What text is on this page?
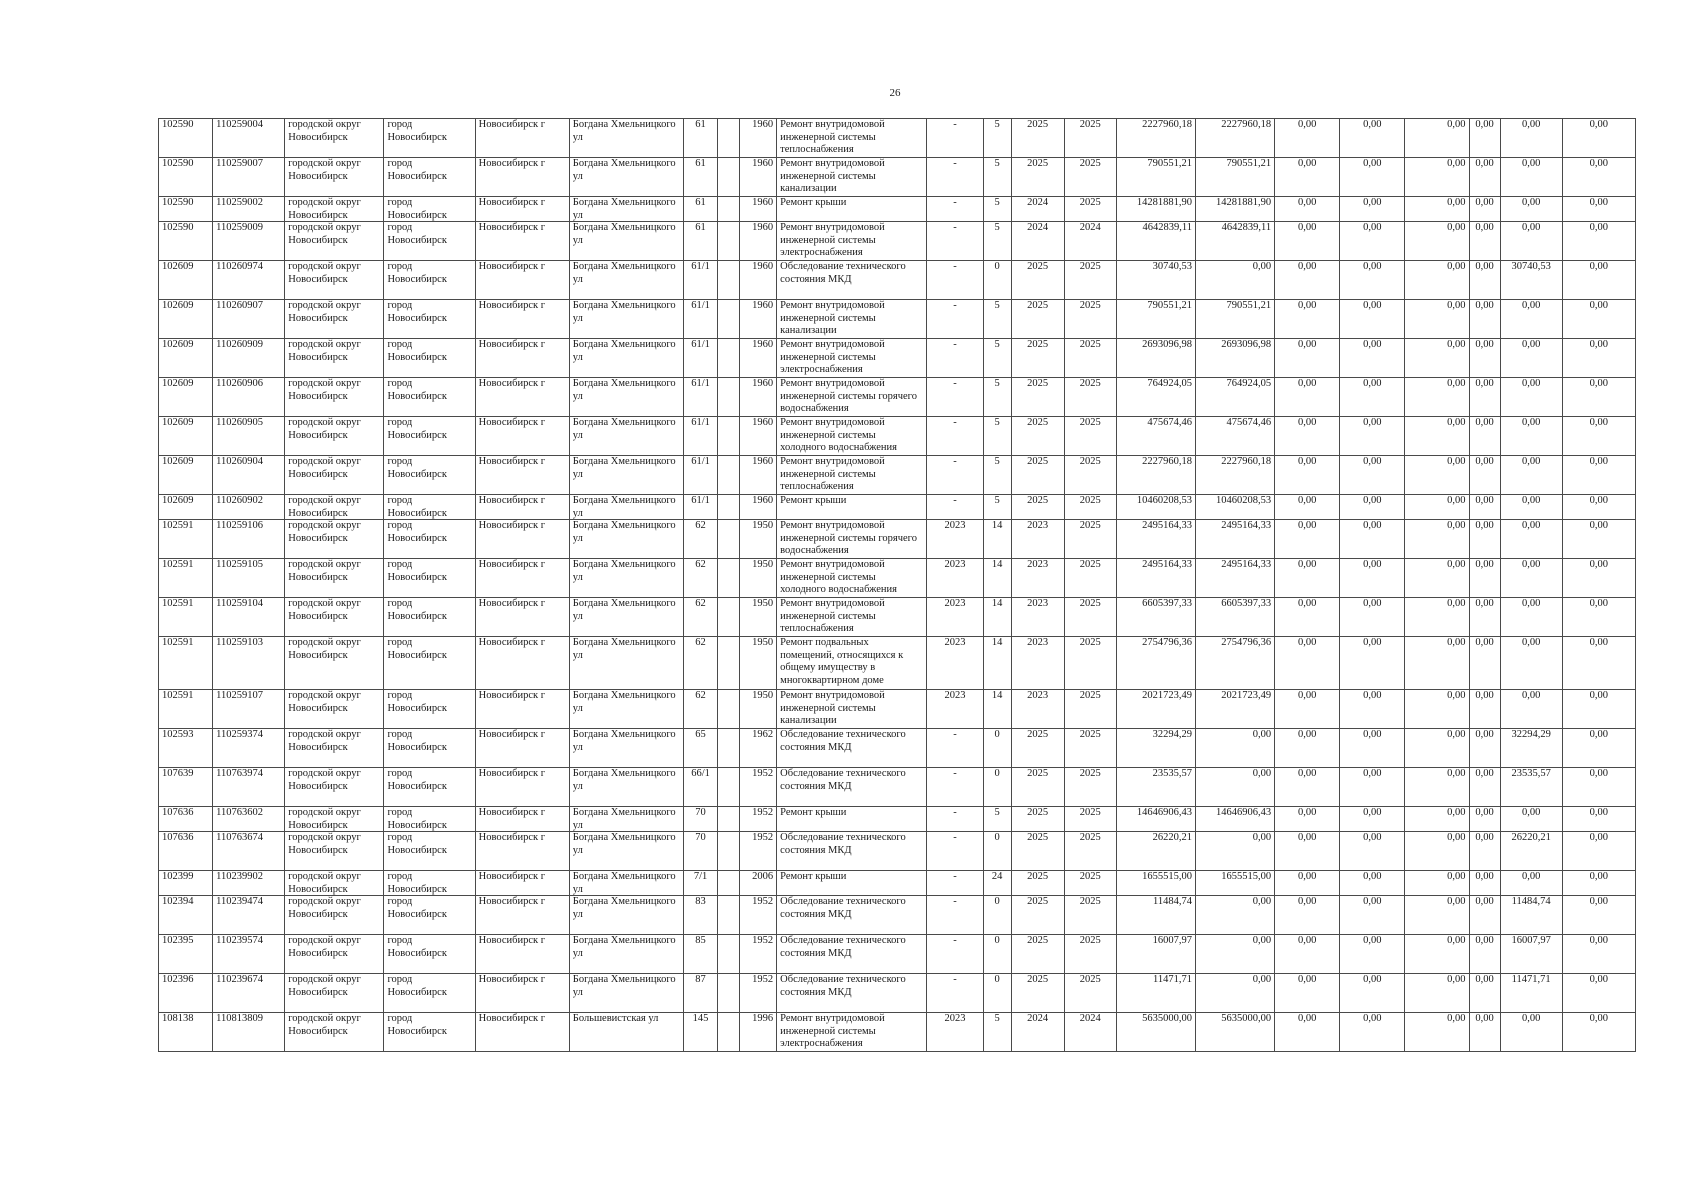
26
102590	110259004	городской округ Новосибирск	город Новосибирск	Новосибирск г	Богдана Хмельницкого ул	61		1960	Ремонт внутридомовой инженерной системы теплоснабжения	-	5	2025	2025	2227960,18	2227960,18	0,00	0,00	0,00	0,00	0,00	0,00

102590	110259007	городской округ Новосибирск	город Новосибирск	Новосибирск г	Богдана Хмельницкого ул	61		1960	Ремонт внутридомовой инженерной системы канализации	-	5	2025	2025	790551,21	790551,21	0,00	0,00	0,00	0,00	0,00	0,00

102590	110259002	городской округ Новосибирск	город Новосибирск	Новосибирск г	Богдана Хмельницкого ул	61		1960	Ремонт крыши	-	5	2024	2025	14281881,90	14281881,90	0,00	0,00	0,00	0,00	0,00	0,00

102590	110259009	городской округ Новосибирск	город Новосибирск	Новосибирск г	Богдана Хмельницкого ул	61		1960	Ремонт внутридомовой инженерной системы электроснабжения	-	5	2024	2024	4642839,11	4642839,11	0,00	0,00	0,00	0,00	0,00	0,00

102609	110260974	городской округ Новосибирск	город Новосибирск	Новосибирск г	Богдана Хмельницкого ул	61/1		1960	Обследование технического состояния МКД	-	0	2025	2025	30740,53	0,00	0,00	0,00	0,00	0,00	30740,53	0,00

102609	110260907	городской округ Новосибирск	город Новосибирск	Новосибирск г	Богдана Хмельницкого ул	61/1		1960	Ремонт внутридомовой инженерной системы канализации	-	5	2025	2025	790551,21	790551,21	0,00	0,00	0,00	0,00	0,00	0,00

102609	110260909	городской округ Новосибирск	город Новосибирск	Новосибирск г	Богдана Хмельницкого ул	61/1		1960	Ремонт внутридомовой инженерной системы электроснабжения	-	5	2025	2025	2693096,98	2693096,98	0,00	0,00	0,00	0,00	0,00	0,00

102609	110260906	городской округ Новосибирск	город Новосибирск	Новосибирск г	Богдана Хмельницкого ул	61/1		1960	Ремонт внутридомовой инженерной системы горячего водоснабжения	-	5	2025	2025	764924,05	764924,05	0,00	0,00	0,00	0,00	0,00	0,00

102609	110260905	городской округ Новосибирск	город Новосибирск	Новосибирск г	Богдана Хмельницкого ул	61/1		1960	Ремонт внутридомовой инженерной системы холодного водоснабжения	-	5	2025	2025	475674,46	475674,46	0,00	0,00	0,00	0,00	0,00	0,00

102609	110260904	городской округ Новосибирск	город Новосибирск	Новосибирск г	Богдана Хмельницкого ул	61/1		1960	Ремонт внутридомовой инженерной системы теплоснабжения	-	5	2025	2025	2227960,18	2227960,18	0,00	0,00	0,00	0,00	0,00	0,00

102609	110260902	городской округ Новосибирск	город Новосибирск	Новосибирск г	Богдана Хмельницкого ул	61/1		1960	Ремонт крыши	-	5	2025	2025	10460208,53	10460208,53	0,00	0,00	0,00	0,00	0,00	0,00

102591	110259106	городской округ Новосибирск	город Новосибирск	Новосибирск г	Богдана Хмельницкого ул	62		1950	Ремонт внутридомовой инженерной системы горячего водоснабжения	2023	14	2023	2025	2495164,33	2495164,33	0,00	0,00	0,00	0,00	0,00	0,00

102591	110259105	городской округ Новосибирск	город Новосибирск	Новосибирск г	Богдана Хмельницкого ул	62		1950	Ремонт внутридомовой инженерной системы холодного водоснабжения	2023	14	2023	2025	2495164,33	2495164,33	0,00	0,00	0,00	0,00	0,00	0,00

102591	110259104	городской округ Новосибирск	город Новосибирск	Новосибирск г	Богдана Хмельницкого ул	62		1950	Ремонт внутридомовой инженерной системы теплоснабжения	2023	14	2023	2025	6605397,33	6605397,33	0,00	0,00	0,00	0,00	0,00	0,00

102591	110259103	городской округ Новосибирск	город Новосибирск	Новосибирск г	Богдана Хмельницкого ул	62		1950	Ремонт подвальных помещений, относящихся к общему имуществу в многоквартирном доме	2023	14	2023	2025	2754796,36	2754796,36	0,00	0,00	0,00	0,00	0,00	0,00

102591	110259107	городской округ Новосибирск	город Новосибирск	Новосибирск г	Богдана Хмельницкого ул	62		1950	Ремонт внутридомовой инженерной системы канализации	2023	14	2023	2025	2021723,49	2021723,49	0,00	0,00	0,00	0,00	0,00	0,00

102593	110259374	городской округ Новосибирск	город Новосибирск	Новосибирск г	Богдана Хмельницкого ул	65		1962	Обследование технического состояния МКД	-	0	2025	2025	32294,29	0,00	0,00	0,00	0,00	0,00	32294,29	0,00

107639	110763974	городской округ Новосибирск	город Новосибирск	Новосибирск г	Богдана Хмельницкого ул	66/1		1952	Обследование технического состояния МКД	-	0	2025	2025	23535,57	0,00	0,00	0,00	0,00	0,00	23535,57	0,00

107636	110763602	городской округ Новосибирск	город Новосибирск	Новосибирск г	Богдана Хмельницкого ул	70		1952	Ремонт крыши	-	5	2025	2025	14646906,43	14646906,43	0,00	0,00	0,00	0,00	0,00	0,00

107636	110763674	городской округ Новосибирск	город Новосибирск	Новосибирск г	Богдана Хмельницкого ул	70		1952	Обследование технического состояния МКД	-	0	2025	2025	26220,21	0,00	0,00	0,00	0,00	0,00	26220,21	0,00

102399	110239902	городской округ Новосибирск	город Новосибирск	Новосибирск г	Богдана Хмельницкого ул	7/1		2006	Ремонт крыши	-	24	2025	2025	1655515,00	1655515,00	0,00	0,00	0,00	0,00	0,00	0,00

102394	110239474	городской округ Новосибирск	город Новосибирск	Новосибирск г	Богдана Хмельницкого ул	83		1952	Обследование технического состояния МКД	-	0	2025	2025	11484,74	0,00	0,00	0,00	0,00	0,00	11484,74	0,00

102395	110239574	городской округ Новосибирск	город Новосибирск	Новосибирск г	Богдана Хмельницкого ул	85		1952	Обследование технического состояния МКД	-	0	2025	2025	16007,97	0,00	0,00	0,00	0,00	0,00	16007,97	0,00

102396	110239674	городской округ Новосибирск	город Новосибирск	Новосибирск г	Богдана Хмельницкого ул	87		1952	Обследование технического состояния МКД	-	0	2025	2025	11471,71	0,00	0,00	0,00	0,00	0,00	11471,71	0,00

108138	110813809	городской округ Новосибирск	город Новосибирск	Новосибирск г	Большевистская ул	145		1996	Ремонт внутридомовой инженерной системы электроснабжения	2023	5	2024	2024	5635000,00	5635000,00	0,00	0,00	0,00	0,00	0,00	0,00
